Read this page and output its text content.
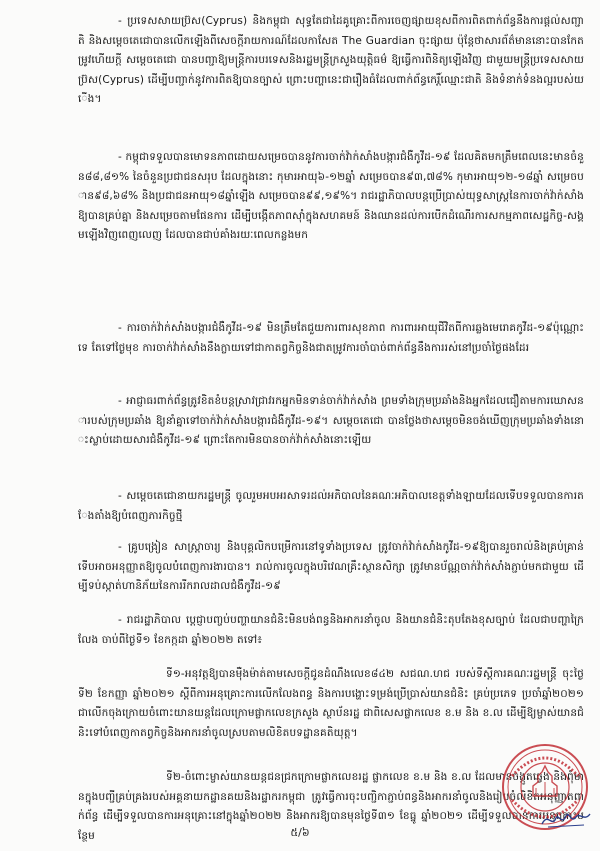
- ប្រទេសសាយប្រ៊ស(Cyprus) និងកម្ពុជា សុទ្ធតែជាដៃគូគ្រោះពីការចេញផ្សាយខុសពីការពិតពាក់ព័ន្ធនឹងការផ្តល់សញ្ជាតិ និងសម្តេចតេជោបានលើកឡើងពីសេចក្តីរាយការណ៍ដែលកាសែត The Guardian ចុះផ្សាយ ប៉ុន្តែថាសារព័ត៌មាននោះបានកែតម្រូវហើយក្តី សម្តេចតេជោ បានបញ្ជាឱ្យមន្ត្រីការបរទេសនិងរដ្ឋមន្ត្រីក្រសួងយុត្តិធម៌ ឱ្យធ្វើការពិនិត្យឡើងវិញ ជាមួយមន្ត្រីប្រទេសសាយប្រ៊ស(Cyprus) ដើម្បីបញ្ជាក់នូវការពិតឱ្យបានច្បាស់ ព្រោះបញ្ហានេះជារឿងធំដែលពាក់ព័ន្ធកេរ្តិ៍ឈ្មោះជាតិ និងទំនាក់ទំនងល្អរបស់យើង។

- កម្ពុជាទទួលបានមោទនភាពដោយសម្រេចបាននូវការចាក់វ៉ាក់សាំងបង្ការជំងឺកូវីដ-១៩ ដែលគិតមកត្រឹមពេលនេះមានចំនួន៨៨,៨១% នៃចំនួនប្រជាជនសរុប ដែលក្នុងនោះ កុមារអាយុ៦-១២ឆ្នាំ សម្រេចបាន៩៣,៧៨% កុមារអាយុ១២-១៨ឆ្នាំ សម្រេចបាន៩៨,៦៨% និងប្រជាជនអាយុ១៨ឆ្នាំឡើង សម្រេចបាន៩៩,១៩%។ រាជរដ្ឋាភិបាលបន្តប្រើប្រាស់យុទ្ធសាស្ត្រនៃការចាក់វ៉ាក់សាំងឱ្យបានគ្រប់គ្នា និងសម្រេចតាមផែនការ ដើម្បីបង្កើតភាពស៊ាំក្នុងសហគមន៍ និងឈានដល់ការបើកដំណើរការសកម្មភាពសេដ្ឋកិច្ច-សង្គមឡើងវិញពេញលេញ ដែលបានជាប់គាំងរយៈពេលកន្លងមក

- ការចាក់វ៉ាក់សាំងបង្ការជំងឺកូវីដ-១៩ មិនត្រឹមតែជួយការពារសុខភាព ការពារអាយុជីវិតពីការឆ្លងមេរោគកូវីដ-១៩ប៉ុណ្ណោះទេ តែទៅថ្ងៃមុខ ការចាក់វ៉ាក់សាំងនឹងក្លាយទៅជាកាតព្វកិច្ចនិងជាតម្រូវការចាំបាច់ពាក់ព័ន្ធនឹងការរស់នៅប្រចាំថ្ងៃផងដែរ

- អាជ្ញាធរពាក់ព័ន្ធត្រូវខិតខំបន្តស្រាវជ្រាវរកអ្នកមិនទាន់ចាក់វ៉ាក់សាំង ព្រមទាំងក្រុមប្រឆាំងនិងអ្នកដែលជឿតាមការឃោសនារបស់ក្រុមប្រឆាំង ឱ្យនាំគ្នាទៅចាក់វ៉ាក់សាំងបង្ការជំងឺកូវីដ-១៩។ សម្តេចតេជោ បានថ្លែងថាសម្តេចមិនចង់ឃើញក្រុមប្រឆាំងទាំងនោះស្លាប់ដោយសារជំងឺកូវីដ-១៩ ព្រោះតែការមិនបានចាក់វ៉ាក់សាំងនោះឡើយ

- សម្តេចតេជោនាយករដ្ឋមន្ត្រី ចូលរួមអបអរសាទរដល់អភិបាលនៃគណៈអភិបាលខេត្តទាំងឡាយដែលទើបទទួលបានការតែងតាំងឱ្យបំពេញភារកិច្ចថ្មី

- គ្រូបង្រៀន សាស្ត្រាចារ្យ និងបុគ្គលិកបម្រើការនៅទូទាំងប្រទេស ត្រូវចាក់វ៉ាក់សាំងកូវីដ-១៩ឱ្យបានរួចរាល់និងគ្រប់គ្រាន់ ទើបអាចអនុញ្ញាតឱ្យចូលបំពេញការងារបាន។ រាល់ការចូលក្នុងបរិវេណគ្រឹះស្ថានសិក្សា ត្រូវមានប័ណ្ណចាក់វ៉ាក់សាំងភ្ជាប់មកជាមួយ ដើម្បីទប់ស្កាត់ហានិភ័យនៃការរីករាលដាលជំងឺកូវីដ-១៩

- រាជរដ្ឋាភិបាល ប្តេជ្ញាបញ្ចប់បញ្ហាយានជំនិះមិនបង់ពន្ធនិងអាករនាំចូល និងយានជំនិះតុបតែងខុសច្បាប់ ដែលជាបញ្ហាក្រៃលែង ចាប់ពីថ្ងៃទី១ ខែកក្កដា ឆ្នាំ២០២២ តទៅ៖

ទី១-អនុវត្តឱ្យបានម៉ឺងម៉ាត់តាមសេចក្តីជូនដំណឹងលេខ៨៤២ សជណ.ហជ របស់ទីស្តីការគណៈរដ្ឋមន្ត្រី ចុះថ្ងៃទី២ ខែកញ្ញា ឆ្នាំ២០២១ ស្តីពីការអនុគ្រោះការលើកលែងពន្ធ និងការបង្ហោះទម្រង់ប្រើប្រាស់យានជំនិះ គ្រប់ប្រភេទ ប្រចាំឆ្នាំ២០២១ ជាលើកចុងក្រោយចំពោះយានយន្តដែលក្រោមផ្លាកលេខក្រសួង ស្ថាប័នរដ្ឋ ជាពិសេសផ្លាកលេខ ខ.ម និង ខ.ល ដើម្បីឱ្យម្ចាស់យានជំនិះទៅបំពេញកាតព្វកិច្ចនិងអាករនាំចូលស្របតាមលិខិតបទដ្ឋានគតិយុត្ត។

ទី២-ចំពោះម្ចាស់យានយន្តជនជ្រកក្រោមផ្លាកលេខរដ្ឋ ផ្លាកលេខ ខ.ម និង ខ.ល ដែលមានចង្កូតឆ្វេង និងពុំមានក្នុងបញ្ជីគ្រប់គ្រងរបស់អគ្គនាយកដ្ឋានគយនិងរដ្ឋាករកម្ពុជា ត្រូវធ្វើការចុះបញ្ជិកាភ្ជាប់ពន្ធនិងអាករនាំចូលនិងរៀបចំលិខិតអនុញ្ញាតពាក់ព័ន្ធ ដើម្បីទទួលបានការអនុគ្រោះនៅក្នុងឆ្នាំ២០២២ និងអាករឱ្យបានមុនថ្ងៃទី៣១ ខែធ្នូ ឆ្នាំ២០២១ ដើម្បីទទួលបានការអនុគ្រោះបន្ថែម	៥/៦
